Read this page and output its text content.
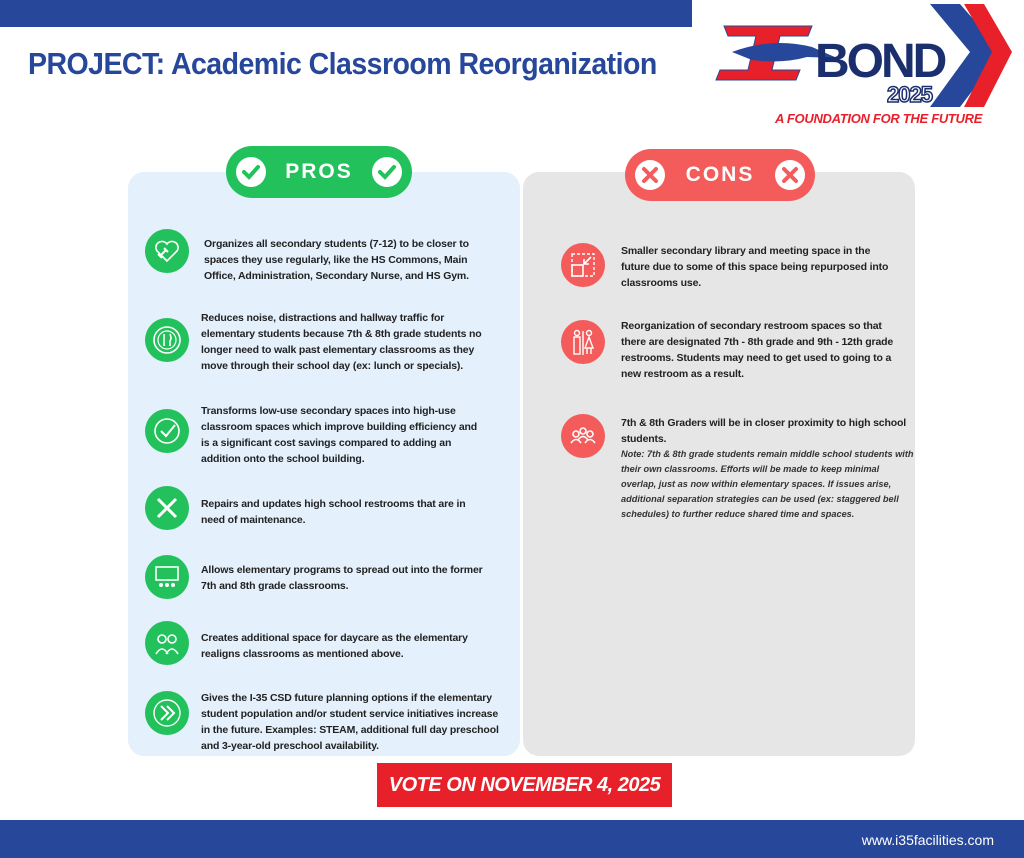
PROJECT: Academic Classroom Reorganization	BOND
2025
A FOUNDATION FOR THE FUTURE
PROS	CONS
Organizes all secondary students (7-12) to be closer to
spaces they use regularly, like the HS Commons, Main
Office, Administration, Secondary Nurse, and HS Gym.
Reduces noise, distractions and hallway traffic for
elementary students because 7th & 8th grade students no
longer need to walk past elementary classrooms as they
move through their school day (ex: lunch or specials).
Transforms low-use secondary spaces into high-use
classroom spaces which improve building efficiency and
is a significant cost savings compared to adding an
addition onto the school building.
Repairs and updates high school restrooms that are in
need of maintenance.
Allows elementary programs to spread out into the former
7th and 8th grade classrooms.
Creates additional space for daycare as the elementary
realigns classrooms as mentioned above.
Gives the I-35 CSD future planning options if the elementary
student population and/or student service initiatives increase
in the future. Examples: STEAM, additional full day preschool
and 3-year-old preschool availability.
Smaller secondary library and meeting space in the
future due to some of this space being repurposed into
classrooms use.
Reorganization of secondary restroom spaces so that
there are designated 7th - 8th grade and 9th - 12th grade
restrooms. Students may need to get used to going to a
new restroom as a result.
7th & 8th Graders will be in closer proximity to high school
students.
Note: 7th & 8th grade students remain middle school students with
their own classrooms. Efforts will be made to keep minimal
overlap, just as now within elementary spaces. If issues arise,
additional separation strategies can be used (ex: staggered bell
schedules) to further reduce shared time and spaces.
VOTE ON NOVEMBER 4, 2025
www.i35facilities.com
